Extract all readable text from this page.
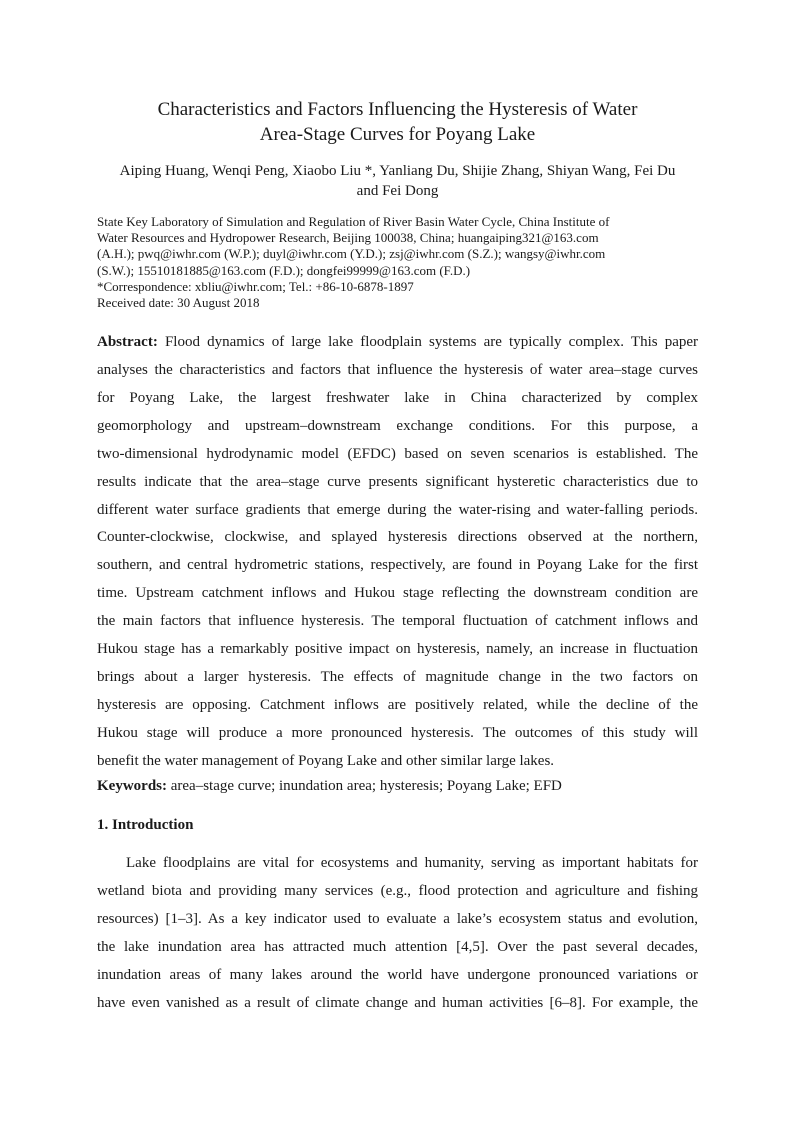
Characteristics and Factors Influencing the Hysteresis of Water
Area-Stage Curves for Poyang Lake
Aiping Huang, Wenqi Peng, Xiaobo Liu *, Yanliang Du, Shijie Zhang, Shiyan Wang, Fei Du
and Fei Dong
State Key Laboratory of Simulation and Regulation of River Basin Water Cycle, China Institute of
Water Resources and Hydropower Research, Beijing 100038, China; huangaiping321@163.com
(A.H.); pwq@iwhr.com (W.P.); duyl@iwhr.com (Y.D.); zsj@iwhr.com (S.Z.); wangsy@iwhr.com
(S.W.); 15510181885@163.com (F.D.); dongfei99999@163.com (F.D.)
*Correspondence: xbliu@iwhr.com; Tel.: +86-10-6878-1897
Received date: 30 August 2018
Abstract: Flood dynamics of large lake floodplain systems are typically complex. This paper
analyses the characteristics and factors that influence the hysteresis of water area–stage curves
for Poyang Lake, the largest freshwater lake in China characterized by complex
geomorphology and upstream–downstream exchange conditions. For this purpose, a
two-dimensional hydrodynamic model (EFDC) based on seven scenarios is established. The
results indicate that the area–stage curve presents significant hysteretic characteristics due to
different water surface gradients that emerge during the water-rising and water-falling periods.
Counter-clockwise, clockwise, and splayed hysteresis directions observed at the northern,
southern, and central hydrometric stations, respectively, are found in Poyang Lake for the first
time. Upstream catchment inflows and Hukou stage reflecting the downstream condition are
the main factors that influence hysteresis. The temporal fluctuation of catchment inflows and
Hukou stage has a remarkably positive impact on hysteresis, namely, an increase in fluctuation
brings about a larger hysteresis. The effects of magnitude change in the two factors on
hysteresis are opposing. Catchment inflows are positively related, while the decline of the
Hukou stage will produce a more pronounced hysteresis. The outcomes of this study will
benefit the water management of Poyang Lake and other similar large lakes.
Keywords: area–stage curve; inundation area; hysteresis; Poyang Lake; EFD
1. Introduction
Lake floodplains are vital for ecosystems and humanity, serving as important habitats for
wetland biota and providing many services (e.g., flood protection and agriculture and fishing
resources) [1–3]. As a key indicator used to evaluate a lake’s ecosystem status and evolution,
the lake inundation area has attracted much attention [4,5]. Over the past several decades,
inundation areas of many lakes around the world have undergone pronounced variations or
have even vanished as a result of climate change and human activities [6–8]. For example, the
